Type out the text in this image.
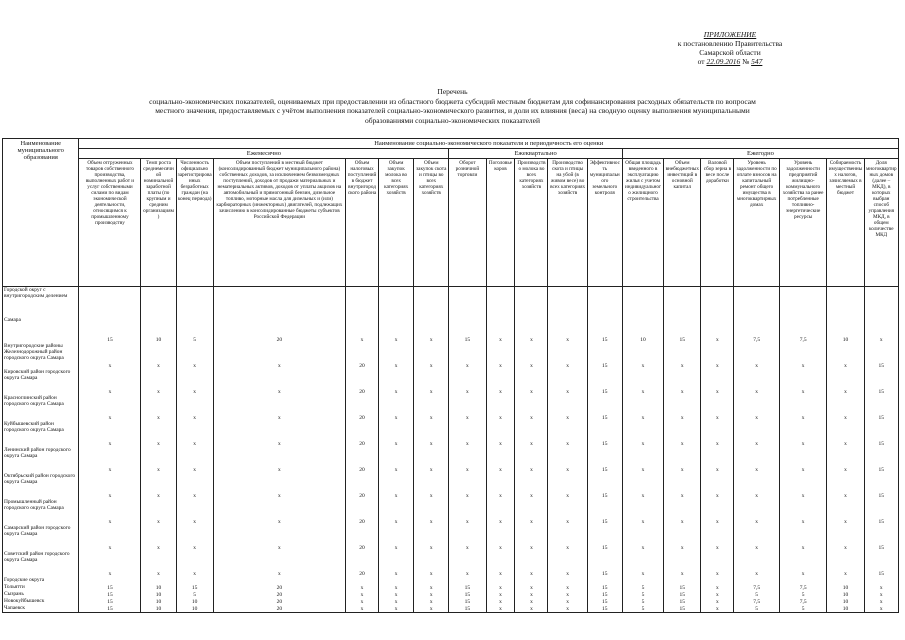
ПРИЛОЖЕНИЕ
к постановлению Правительства
Самарской области
от 22.09.2016 № 547
Перечень
социально-экономических показателей, оцениваемых при предоставлении из областного бюджета субсидий местным бюджетам для софинансирования расходных обязательств по вопросам
местного значения, предоставляемых с учётом выполнения показателей социально-экономического развития, и доли их влияния (веса) на сводную оценку выполнения муниципальными
образованиями социально-экономических показателей
Наименование муниципального образования	Наименование социально-экономического показателя и периодичность его оценки																		
	Ежемесячно							Ежеквартально					Ежегодно						
	Объем отгруженных товаров собственного производства, выполненных работ и услуг собственными силами по видам экономической деятельности, относящимся к промышленному производству	Темп роста среднемесячной номинальной заработной платы (по крупным и средним организациям)	Численность официально зарегистрированных безработных граждан (на конец периода)	Объем поступлений в местный бюджет (консолидированный бюджет муниципального района) собственных доходов, за исключением безвозмездных поступлений, доходов от продажи материальных и нематериальных активов, доходов от уплаты акцизов на автомобильный и прямогонный бензин, дизельное топливо, моторные масла для дизельных и (или) карбюраторных (инжекторных) двигателей, подлежащих зачислению в консолидированные бюджеты субъектов Российской Федерации	Объем налоговых поступлений в бюджет внутригородского района	Объем закупок молока во всех категориях хозяйств	Объем закупок скота и птицы во всех категориях хозяйств	Оборот розничной торговли	Поголовье коров	Производство молока во всех категориях хозяйств	Производство скота и птицы на убой (в живом весе) во всех категориях хозяйств	Эффективность муниципального земельного контроля	Общая площадь введенного в эксплуатацию жилья с учетом индивидуального жилищного строительства	Объем внебюджетных инвестиций в основной капитал	Валовой сбор зерна в весе после доработки	Уровень задолженности по оплате взносов на капитальный ремонт общего имущества в многоквартирных домах	Уровень задолженности предприятий жилищно-коммунального хозяйства за ранее потребленные топливно-энергетические ресурсы	Собираемость имущественных налогов, зачисляемых в местный бюджет	Доля многоквартирных домов (далее – МКД), в которых выбран способ управления МКД, в общем количестве МКД
Городской округ с внутригородским делением																			
Самара	15	10	5	20	х	х	х	15	х	х	х	15	10	15	х	7,5	7,5	10	х
Внутригородские районы Железнодорожный район городского округа Самара	х	х	х	х	20	х	х	х	х	х	х	15	х	х	х	х	х	х	15
Кировский район городского округа Самара	х	х	х	х	20	х	х	х	х	х	х	15	х	х	х	х	х	х	15
Красноглинский район городского округа Самара	х	х	х	х	20	х	х	х	х	х	х	15	х	х	х	х	х	х	15
Куйбышевский район городского округа Самара	х	х	х	х	20	х	х	х	х	х	х	15	х	х	х	х	х	х	15
Ленинский район городского округа Самара	х	х	х	х	20	х	х	х	х	х	х	15	х	х	х	х	х	х	15
Октябрьский район городского округа Самара	х	х	х	х	20	х	х	х	х	х	х	15	х	х	х	х	х	х	15
Промышленный район городского округа Самара	х	х	х	х	20	х	х	х	х	х	х	15	х	х	х	х	х	х	15
Самарский район городского округа Самара	х	х	х	х	20	х	х	х	х	х	х	15	х	х	х	х	х	х	15
Советский район городского округа Самара	х	х	х	х	20	х	х	х	х	х	х	15	х	х	х	х	х	х	15
Городские округа																			
Тольятти	15	10	15	20	х	х	х	15	х	х	х	15	5	15	х	7,5	7,5	10	х
Сызрань	15	10	5	20	х	х	х	15	х	х	х	15	5	15	х	5	5	10	х
Новокуйбышевск	15	10	10	20	х	х	х	15	х	х	х	15	5	15	х	7,5	7,5	10	х
Чапаевск	15	10	10	20	х	х	х	15	х	х	х	15	5	15	х	5	5	10	х
